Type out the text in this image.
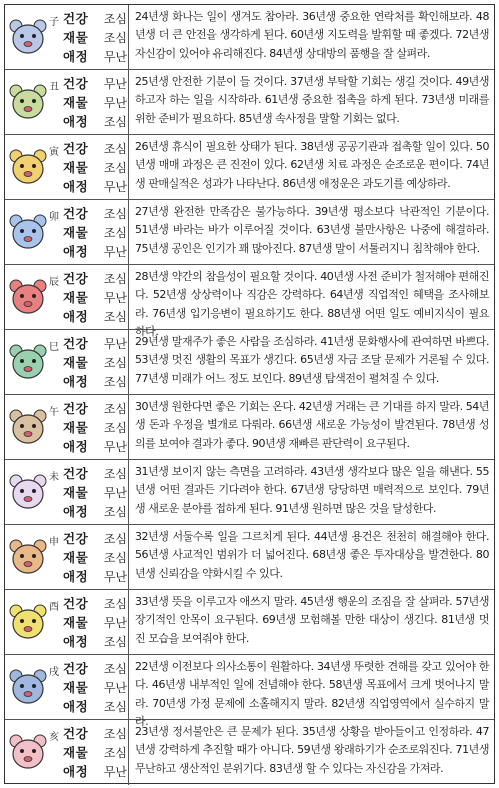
子 건강 조심
재물 조심
애정 무난
24년생 화나는 일이 생겨도 참아라. 36년생 중요한 연락처를 확인해보라. 48년생 더 큰 안전을 생각하게 된다. 60년생 지도력을 발휘할 때 좋겠다. 72년생 자신감이 있어야 유리해진다. 84년생 상대방의 품행을 잘 살펴라.
丑 건강 무난
재물 무난
애정 조심
25년생 안전한 기분이 들 것이다. 37년생 부탁할 기회는 생길 것이다. 49년생 하고자 하는 일을 시작하라. 61년생 중요한 접촉을 하게 된다. 73년생 미래를 위한 준비가 필요하다. 85년생 속사정을 말할 기회는 없다.
寅 건강 조심
재물 조심
애정 무난
26년생 휴식이 필요한 상태가 된다. 38년생 공공기관과 접촉할 일이 있다. 50년생 매매 과정은 큰 진전이 있다. 62년생 치료 과정은 순조로운 편이다. 74년생 판매실적은 성과가 나타난다. 86년생 애정운은 과도기를 예상하라.
卯 건강 조심
재물 조심
애정 무난
27년생 완전한 만족감은 불가능하다. 39년생 평소보다 낙관적인 기분이다. 51년생 바라는 바가 이루어질 것이다. 63년생 불만사항은 나중에 해결하라. 75년생 공인은 인기가 꽤 많아진다. 87년생 말이 서툴러지니 침착해야 한다.
辰 건강 조심
재물 무난
애정 조심
28년생 약간의 참을성이 필요할 것이다. 40년생 사전 준비가 철저해야 편해진다. 52년생 상상력이나 직감은 강력하다. 64년생 직업적인 혜택을 조사해보라. 76년생 입기응변이 필요하기도 한다. 88년생 어떤 일도 예비지식이 필요하다.
巳 건강 무난
재물 조심
애정 조심
29년생 말재주가 좋은 사람을 조심하라. 41년생 문화행사에 관여하면 바쁘다. 53년생 멋진 생활의 목표가 생긴다. 65년생 자금 조달 문제가 거론될 수 있다. 77년생 미래가 어느 정도 보인다. 89년생 탐색전이 펼쳐질 수 있다.
午 건강 조심
재물 조심
애정 무난
30년생 원한다면 좋은 기회는 온다. 42년생 거래는 큰 기대를 하지 말라. 54년생 돈과 우정을 별개로 다뤄라. 66년생 새로운 가능성이 발견된다. 78년생 성의를 보여야 결과가 좋다. 90년생 재빠른 판단력이 요구된다.
未 건강 조심
재물 무난
애정 조심
31년생 보이지 않는 측면을 고려하라. 43년생 생각보다 많은 일을 해낸다. 55년생 어떤 결과든 기다려야 한다. 67년생 당당하면 매력적으로 보인다. 79년생 새로운 분야를 접하게 된다. 91년생 원하면 많은 것을 달성한다.
申 건강 조심
재물 조심
애정 무난
32년생 서둘수록 일을 그르치게 된다. 44년생 용건은 천천히 해결해야 한다. 56년생 사교적인 범위가 더 넓어진다. 68년생 좋은 투자대상을 발견한다. 80년생 신뢰감을 약화시킬 수 있다.
酉 건강 조심
재물 무난
애정 조심
33년생 뜻을 이루고자 애쓰지 말라. 45년생 행운의 조짐을 잘 살펴라. 57년생 장기적인 안목이 요구된다. 69년생 모험해볼 만한 대상이 생긴다. 81년생 멋진 모습을 보여줘야 한다.
戌 건강 조심
재물 무난
애정 조심
22년생 이전보다 의사소통이 원활하다. 34년생 뚜렷한 견해를 갖고 있어야 한다. 46년생 내부적인 일에 전념해야 한다. 58년생 목표에서 크게 벗어나지 말라. 70년생 가정 문제에 소홀해지지 말라. 82년생 직업영역에서 실수하지 말라.
亥 건강 조심
재물 조심
애정 무난
23년생 정서불안은 큰 문제가 된다. 35년생 상황을 받아들이고 인정하라. 47년생 강력하게 추진할 때가 아니다. 59년생 왕래하기가 순조로워진다. 71년생 무난하고 생산적인 분위기다. 83년생 할 수 있다는 자신감을 가져라.
